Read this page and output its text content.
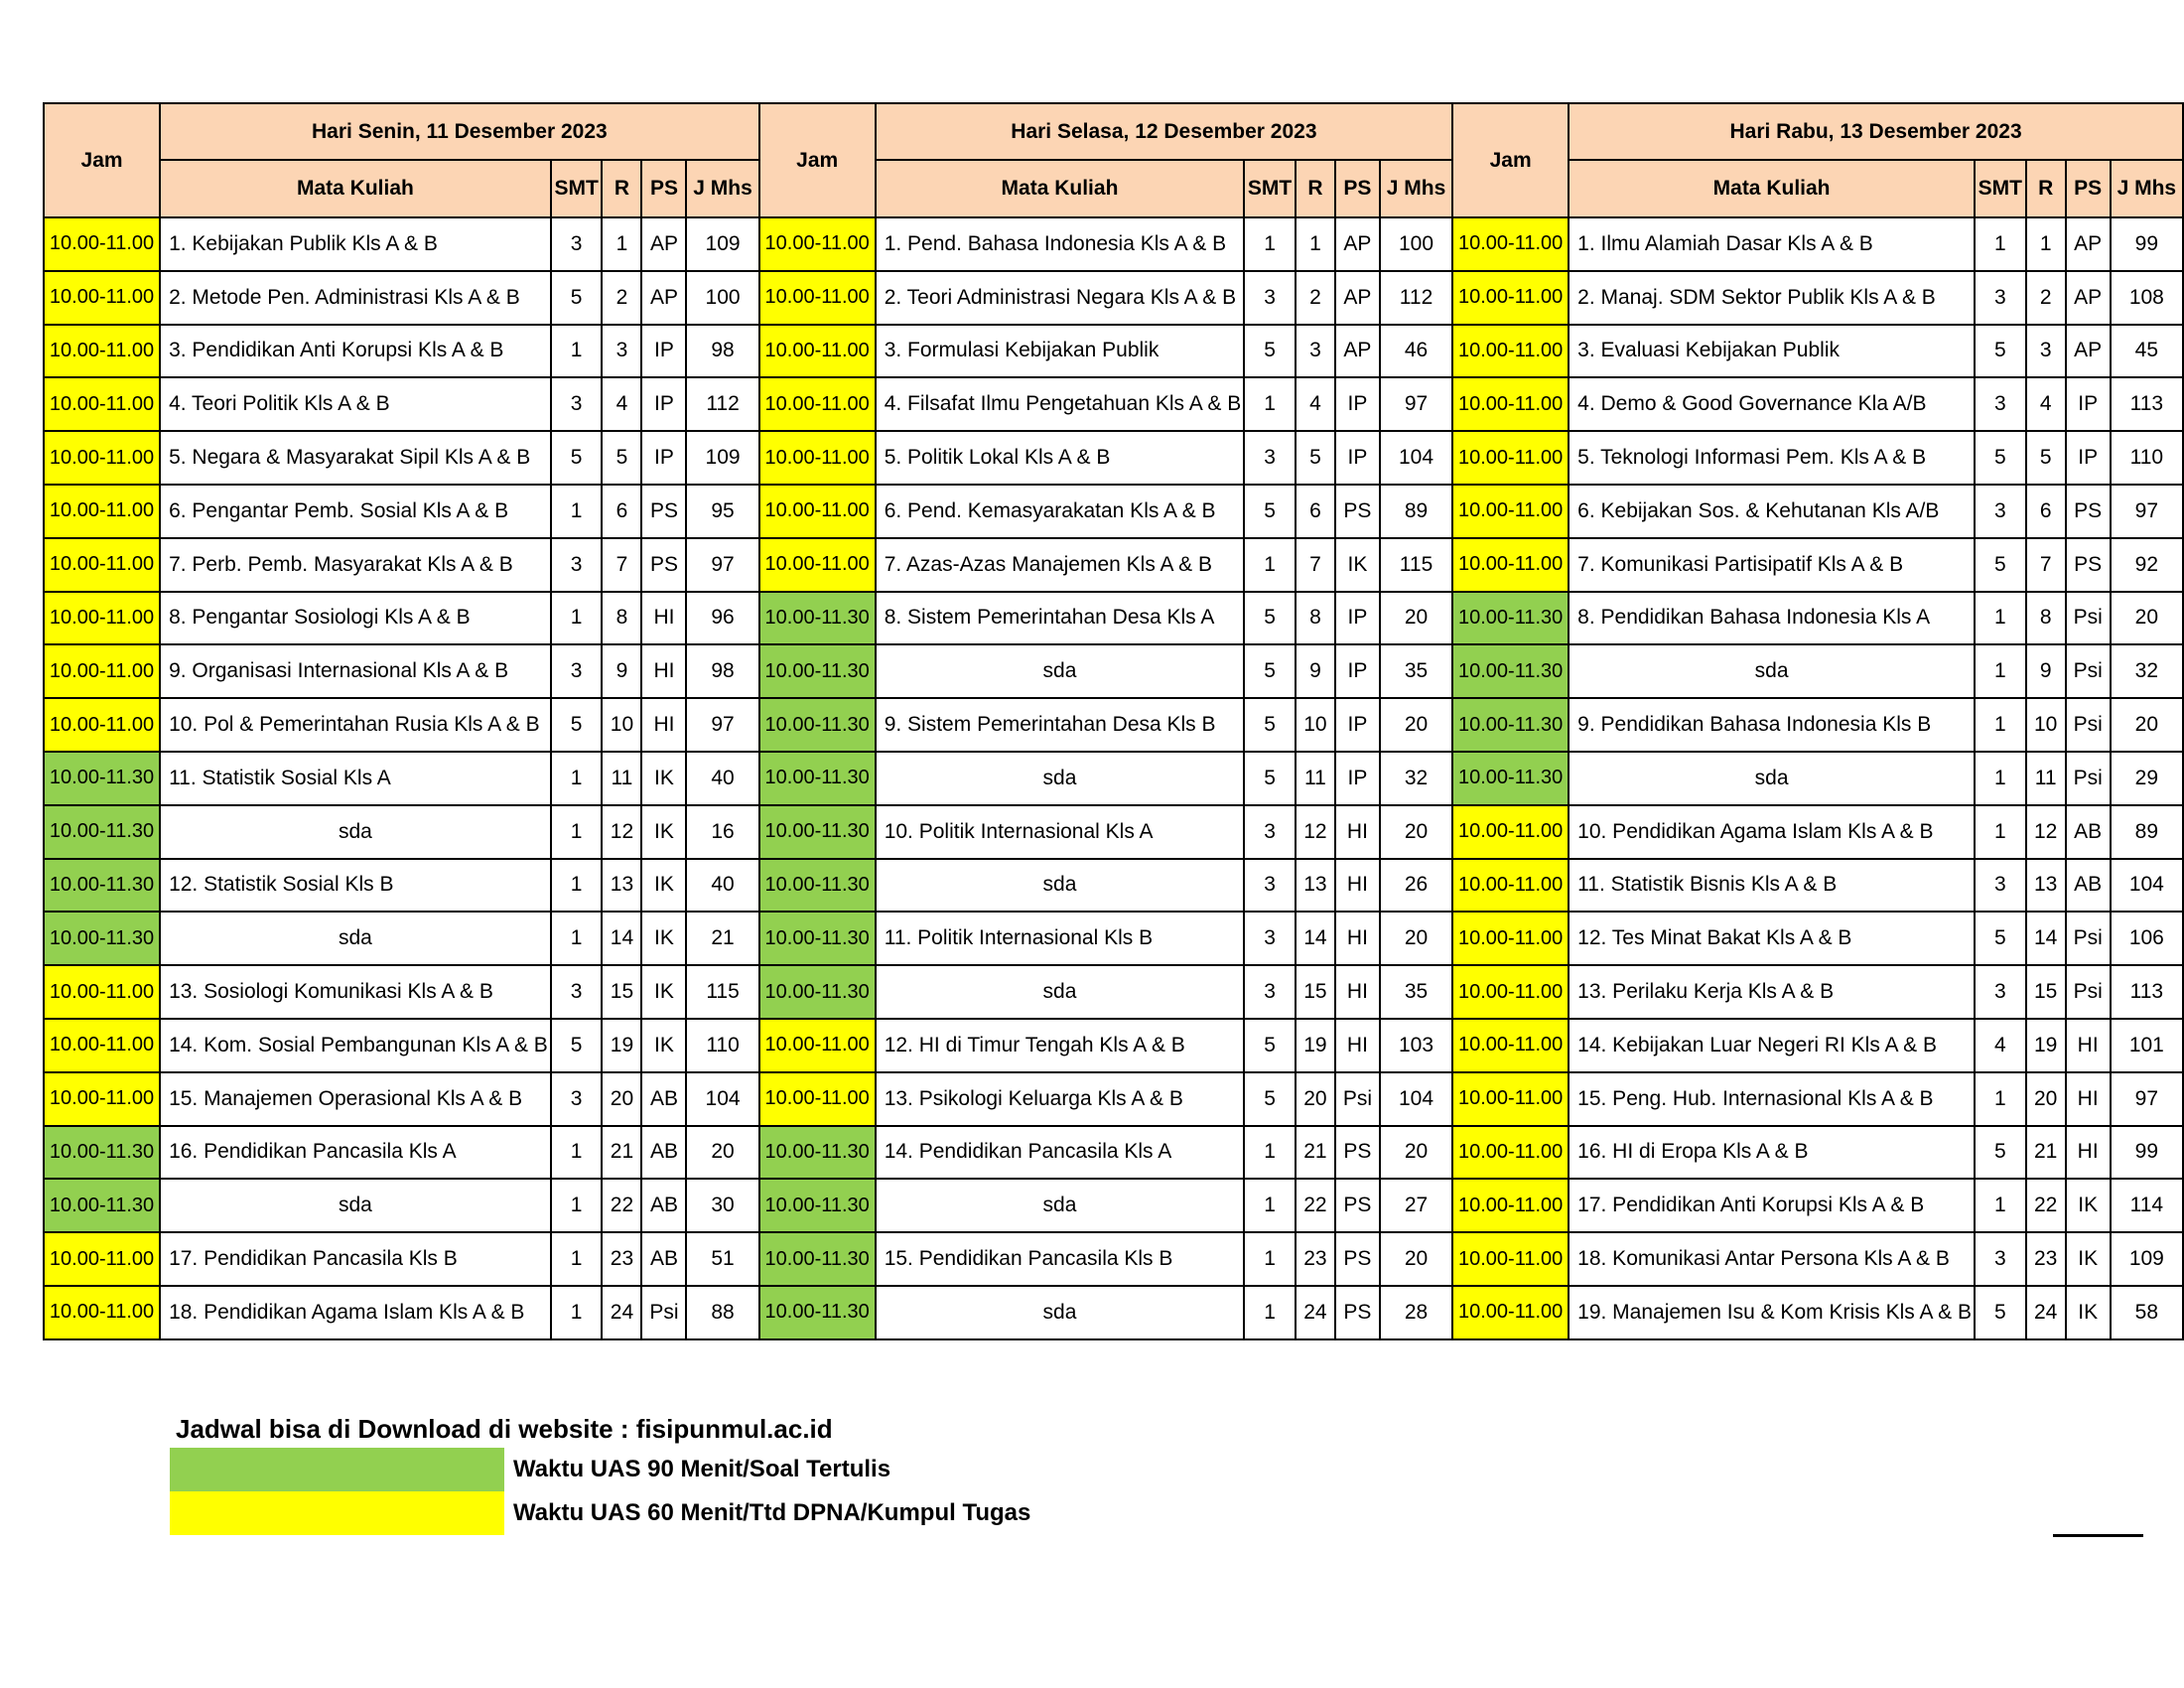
Jam	Hari Senin, 11 Desember 2023					Jam	Hari Selasa, 12 Desember 2023					Jam	Hari Rabu, 13 Desember 2023				
	Mata Kuliah	SMT	R	PS	J Mhs		Mata Kuliah	SMT	R	PS	J Mhs		Mata Kuliah	SMT	R	PS	J Mhs
10.00-11.00	1. Kebijakan Publik Kls A & B	3	1	AP	109	10.00-11.00	1. Pend. Bahasa Indonesia Kls A & B	1	1	AP	100	10.00-11.00	1. Ilmu Alamiah Dasar Kls A & B	1	1	AP	99
10.00-11.00	2. Metode Pen. Administrasi Kls A & B	5	2	AP	100	10.00-11.00	2. Teori Administrasi Negara Kls A & B	3	2	AP	112	10.00-11.00	2. Manaj. SDM Sektor Publik Kls A & B	3	2	AP	108
10.00-11.00	3. Pendidikan Anti Korupsi Kls A & B	1	3	IP	98	10.00-11.00	3. Formulasi Kebijakan Publik	5	3	AP	46	10.00-11.00	3. Evaluasi Kebijakan Publik	5	3	AP	45
10.00-11.00	4. Teori Politik Kls A & B	3	4	IP	112	10.00-11.00	4. Filsafat Ilmu Pengetahuan Kls A & B	1	4	IP	97	10.00-11.00	4. Demo & Good Governance Kla A/B	3	4	IP	113
10.00-11.00	5. Negara & Masyarakat Sipil Kls A & B	5	5	IP	109	10.00-11.00	5. Politik Lokal Kls A & B	3	5	IP	104	10.00-11.00	5. Teknologi Informasi Pem. Kls A & B	5	5	IP	110
10.00-11.00	6. Pengantar Pemb. Sosial Kls A & B	1	6	PS	95	10.00-11.00	6. Pend. Kemasyarakatan Kls A & B	5	6	PS	89	10.00-11.00	6. Kebijakan Sos. & Kehutanan Kls A/B	3	6	PS	97
10.00-11.00	7. Perb. Pemb. Masyarakat Kls A & B	3	7	PS	97	10.00-11.00	7. Azas-Azas Manajemen Kls A & B	1	7	IK	115	10.00-11.00	7. Komunikasi Partisipatif Kls A & B	5	7	PS	92
10.00-11.00	8. Pengantar Sosiologi Kls A & B	1	8	HI	96	10.00-11.30	8. Sistem Pemerintahan Desa Kls A	5	8	IP	20	10.00-11.30	8. Pendidikan Bahasa Indonesia Kls A	1	8	Psi	20
10.00-11.00	9. Organisasi Internasional Kls A & B	3	9	HI	98	10.00-11.30	sda	5	9	IP	35	10.00-11.30	sda	1	9	Psi	32
10.00-11.00	10. Pol & Pemerintahan Rusia Kls A & B	5	10	HI	97	10.00-11.30	9. Sistem Pemerintahan Desa Kls B	5	10	IP	20	10.00-11.30	9. Pendidikan Bahasa Indonesia Kls B	1	10	Psi	20
10.00-11.30	11. Statistik Sosial Kls A	1	11	IK	40	10.00-11.30	sda	5	11	IP	32	10.00-11.30	sda	1	11	Psi	29
10.00-11.30	sda	1	12	IK	16	10.00-11.30	10. Politik Internasional Kls A	3	12	HI	20	10.00-11.00	10. Pendidikan Agama Islam Kls A & B	1	12	AB	89
10.00-11.30	12. Statistik Sosial Kls B	1	13	IK	40	10.00-11.30	sda	3	13	HI	26	10.00-11.00	11. Statistik Bisnis Kls A & B	3	13	AB	104
10.00-11.30	sda	1	14	IK	21	10.00-11.30	11. Politik Internasional Kls B	3	14	HI	20	10.00-11.00	12. Tes Minat Bakat Kls A & B	5	14	Psi	106
10.00-11.00	13. Sosiologi Komunikasi Kls A & B	3	15	IK	115	10.00-11.30	sda	3	15	HI	35	10.00-11.00	13. Perilaku Kerja Kls A & B	3	15	Psi	113
10.00-11.00	14. Kom. Sosial Pembangunan Kls A & B	5	19	IK	110	10.00-11.00	12. HI di Timur Tengah Kls A & B	5	19	HI	103	10.00-11.00	14. Kebijakan Luar Negeri RI Kls A & B	4	19	HI	101
10.00-11.00	15. Manajemen Operasional Kls A & B	3	20	AB	104	10.00-11.00	13. Psikologi Keluarga Kls A & B	5	20	Psi	104	10.00-11.00	15. Peng. Hub. Internasional Kls A & B	1	20	HI	97
10.00-11.30	16. Pendidikan Pancasila Kls A	1	21	AB	20	10.00-11.30	14. Pendidikan Pancasila Kls A	1	21	PS	20	10.00-11.00	16. HI di Eropa Kls A & B	5	21	HI	99
10.00-11.30	sda	1	22	AB	30	10.00-11.30	sda	1	22	PS	27	10.00-11.00	17. Pendidikan Anti Korupsi Kls A & B	1	22	IK	114
10.00-11.00	17. Pendidikan Pancasila Kls B	1	23	AB	51	10.00-11.30	15. Pendidikan Pancasila Kls B	1	23	PS	20	10.00-11.00	18. Komunikasi Antar Persona Kls A & B	3	23	IK	109
10.00-11.00	18. Pendidikan Agama Islam Kls A & B	1	24	Psi	88	10.00-11.30	sda	1	24	PS	28	10.00-11.00	19. Manajemen Isu & Kom Krisis Kls A & B	5	24	IK	58
Jadwal bisa di Download di website : fisipunmul.ac.id
Waktu UAS 90 Menit/Soal Tertulis
Waktu UAS 60 Menit/Ttd DPNA/Kumpul Tugas
